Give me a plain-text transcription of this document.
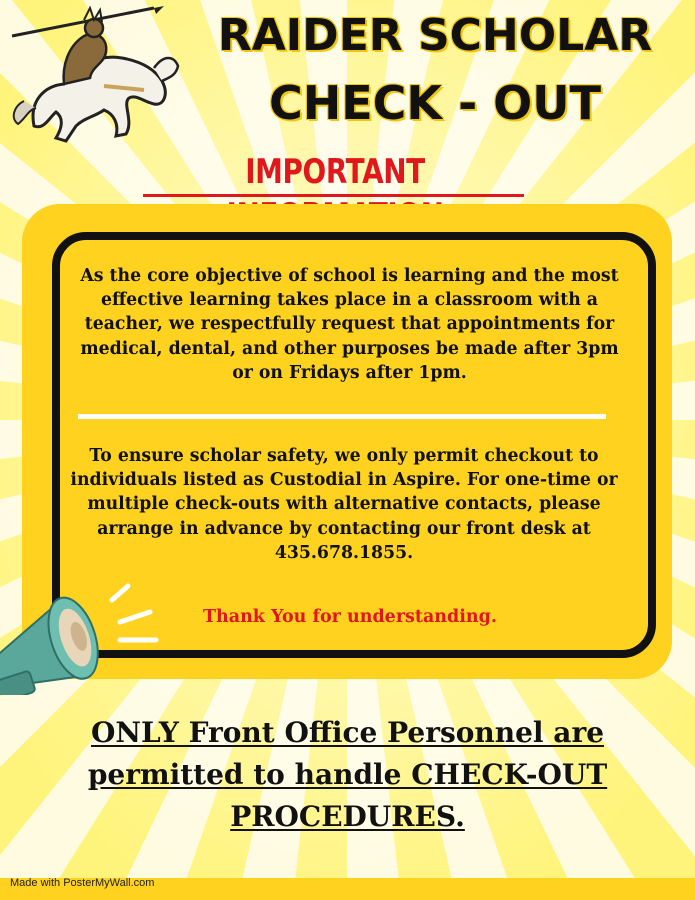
RAIDER SCHOLAR
CHECK - OUT
IMPORTANT
As the core objective of school is learning and the most effective learning takes place in a classroom with a teacher, we respectfully request that appointments for medical, dental, and other purposes be made after 3pm or on Fridays after 1pm.
To ensure scholar safety, we only permit checkout to individuals listed as Custodial in Aspire. For one-time or multiple check-outs with alternative contacts, please arrange in advance by contacting our front desk at 435.678.1855.
Thank You for understanding.
ONLY Front Office Personnel are permitted to handle CHECK-OUT PROCEDURES.
Made with PosterMyWall.com
